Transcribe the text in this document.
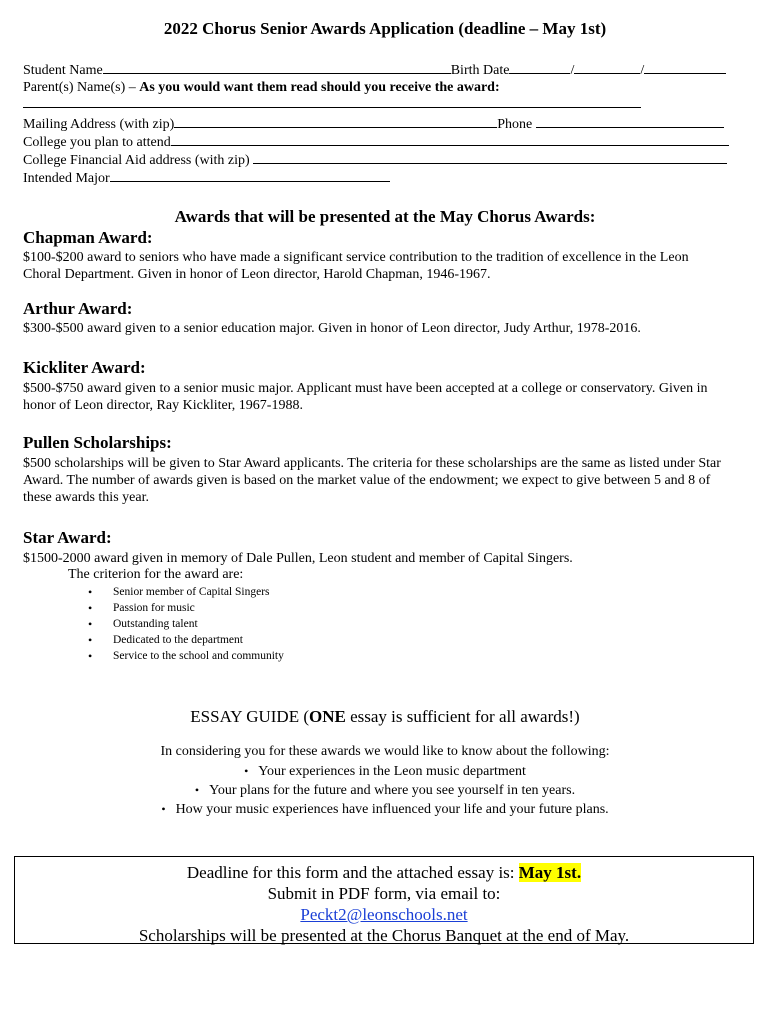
2022 Chorus Senior Awards Application (deadline – May 1st)
Student Name	Birth Date	/	/
Parent(s) Name(s) – As you would want them read should you receive the award:
Mailing Address (with zip)	Phone
College you plan to attend
College Financial Aid address (with zip)
Intended Major
Awards that will be presented at the May Chorus Awards:
Chapman Award:
$100-$200 award to seniors who have made a significant service contribution to the tradition of excellence in the Leon Choral Department. Given in honor of Leon director, Harold Chapman, 1946-1967.
Arthur Award:
$300-$500 award given to a senior education major. Given in honor of Leon director, Judy Arthur, 1978-2016.
Kickliter Award:
$500-$750 award given to a senior music major. Applicant must have been accepted at a college or conservatory. Given in honor of Leon director, Ray Kickliter, 1967-1988.
Pullen Scholarships:
$500 scholarships will be given to Star Award applicants. The criteria for these scholarships are the same as listed under Star Award. The number of awards given is based on the market value of the endowment; we expect to give between 5 and 8 of these awards this year.
Star Award:
$1500-2000 award given in memory of Dale Pullen, Leon student and member of Capital Singers.
The criterion for the award are:
• Senior member of Capital Singers
• Passion for music
• Outstanding talent
• Dedicated to the department
• Service to the school and community
ESSAY GUIDE (ONE essay is sufficient for all awards!)
In considering you for these awards we would like to know about the following:
• Your experiences in the Leon music department
• Your plans for the future and where you see yourself in ten years.
• How your music experiences have influenced your life and your future plans.
Deadline for this form and the attached essay is: May 1st.
Submit in PDF form, via email to:
Peckt2@leonschools.net
Scholarships will be presented at the Chorus Banquet at the end of May.
